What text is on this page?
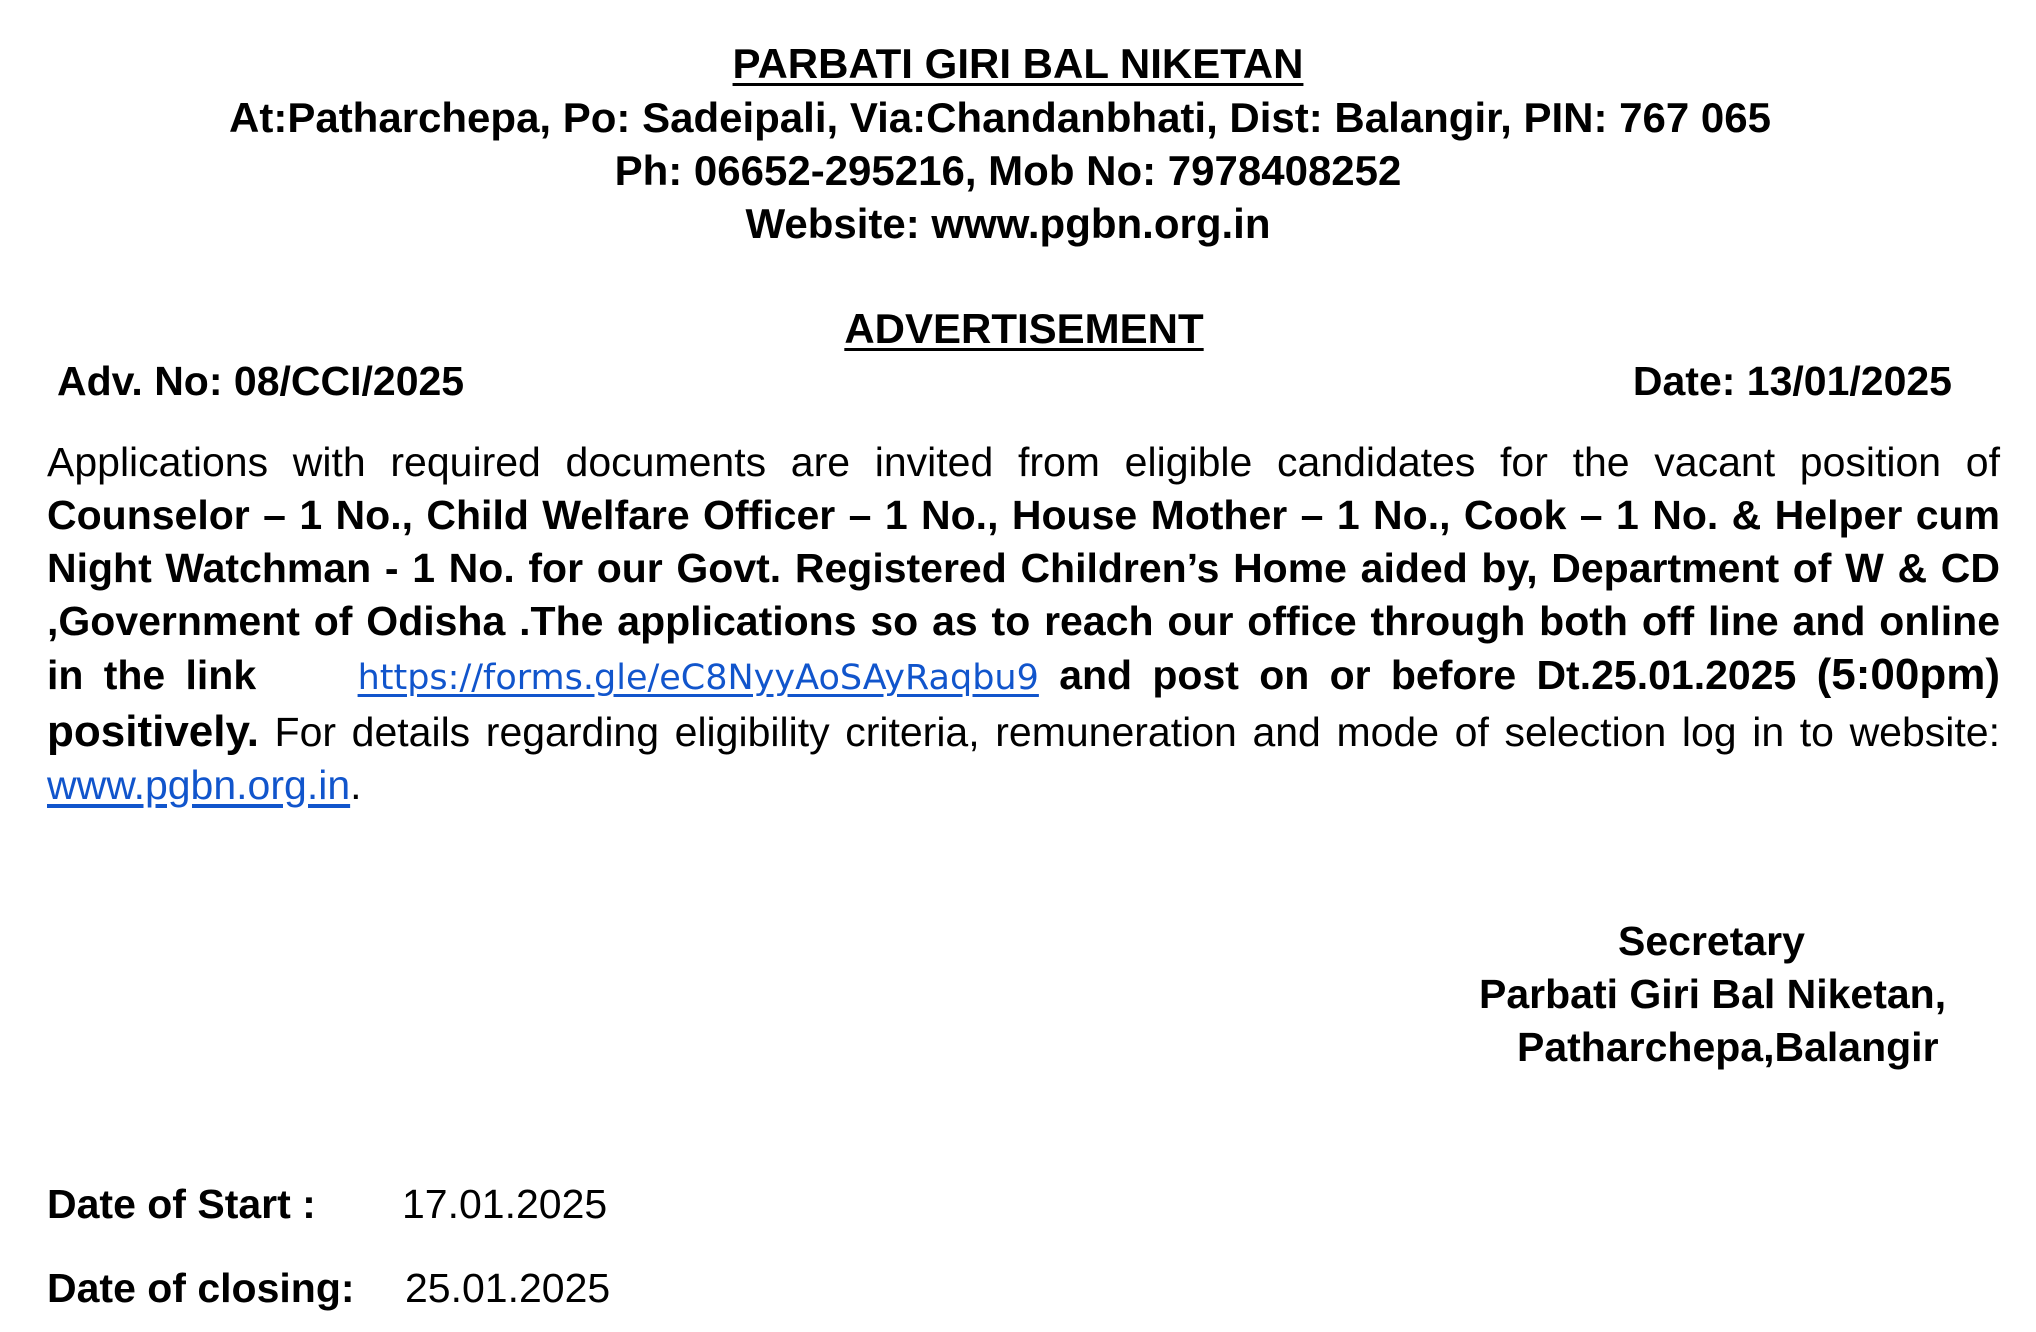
PARBATI GIRI BAL NIKETAN
At:Patharchepa, Po: Sadeipali, Via:Chandanbhati, Dist: Balangir, PIN: 767 065
Ph: 06652-295216, Mob No: 7978408252
Website: www.pgbn.org.in
ADVERTISEMENT
Adv. No: 08/CCI/2025	Date: 13/01/2025

Applications with required documents are invited from eligible candidates for the vacant position of Counselor – 1 No., Child Welfare Officer – 1 No., House Mother – 1 No., Cook – 1 No. & Helper cum Night Watchman - 1 No. for our Govt. Registered Children’s Home aided by, Department of W & CD ,Government of Odisha .The applications so as to reach our office through both off line and online in the link	https://forms.gle/eC8NyyAoSAyRaqbu9 and post on or before Dt.25.01.2025 (5:00pm) positively. For details regarding eligibility criteria, remuneration and mode of selection log in to website: www.pgbn.org.in.

Secretary
Parbati Giri Bal Niketan,
Patharchepa,Balangir
Date of Start : 17.01.2025
Date of closing: 25.01.2025
